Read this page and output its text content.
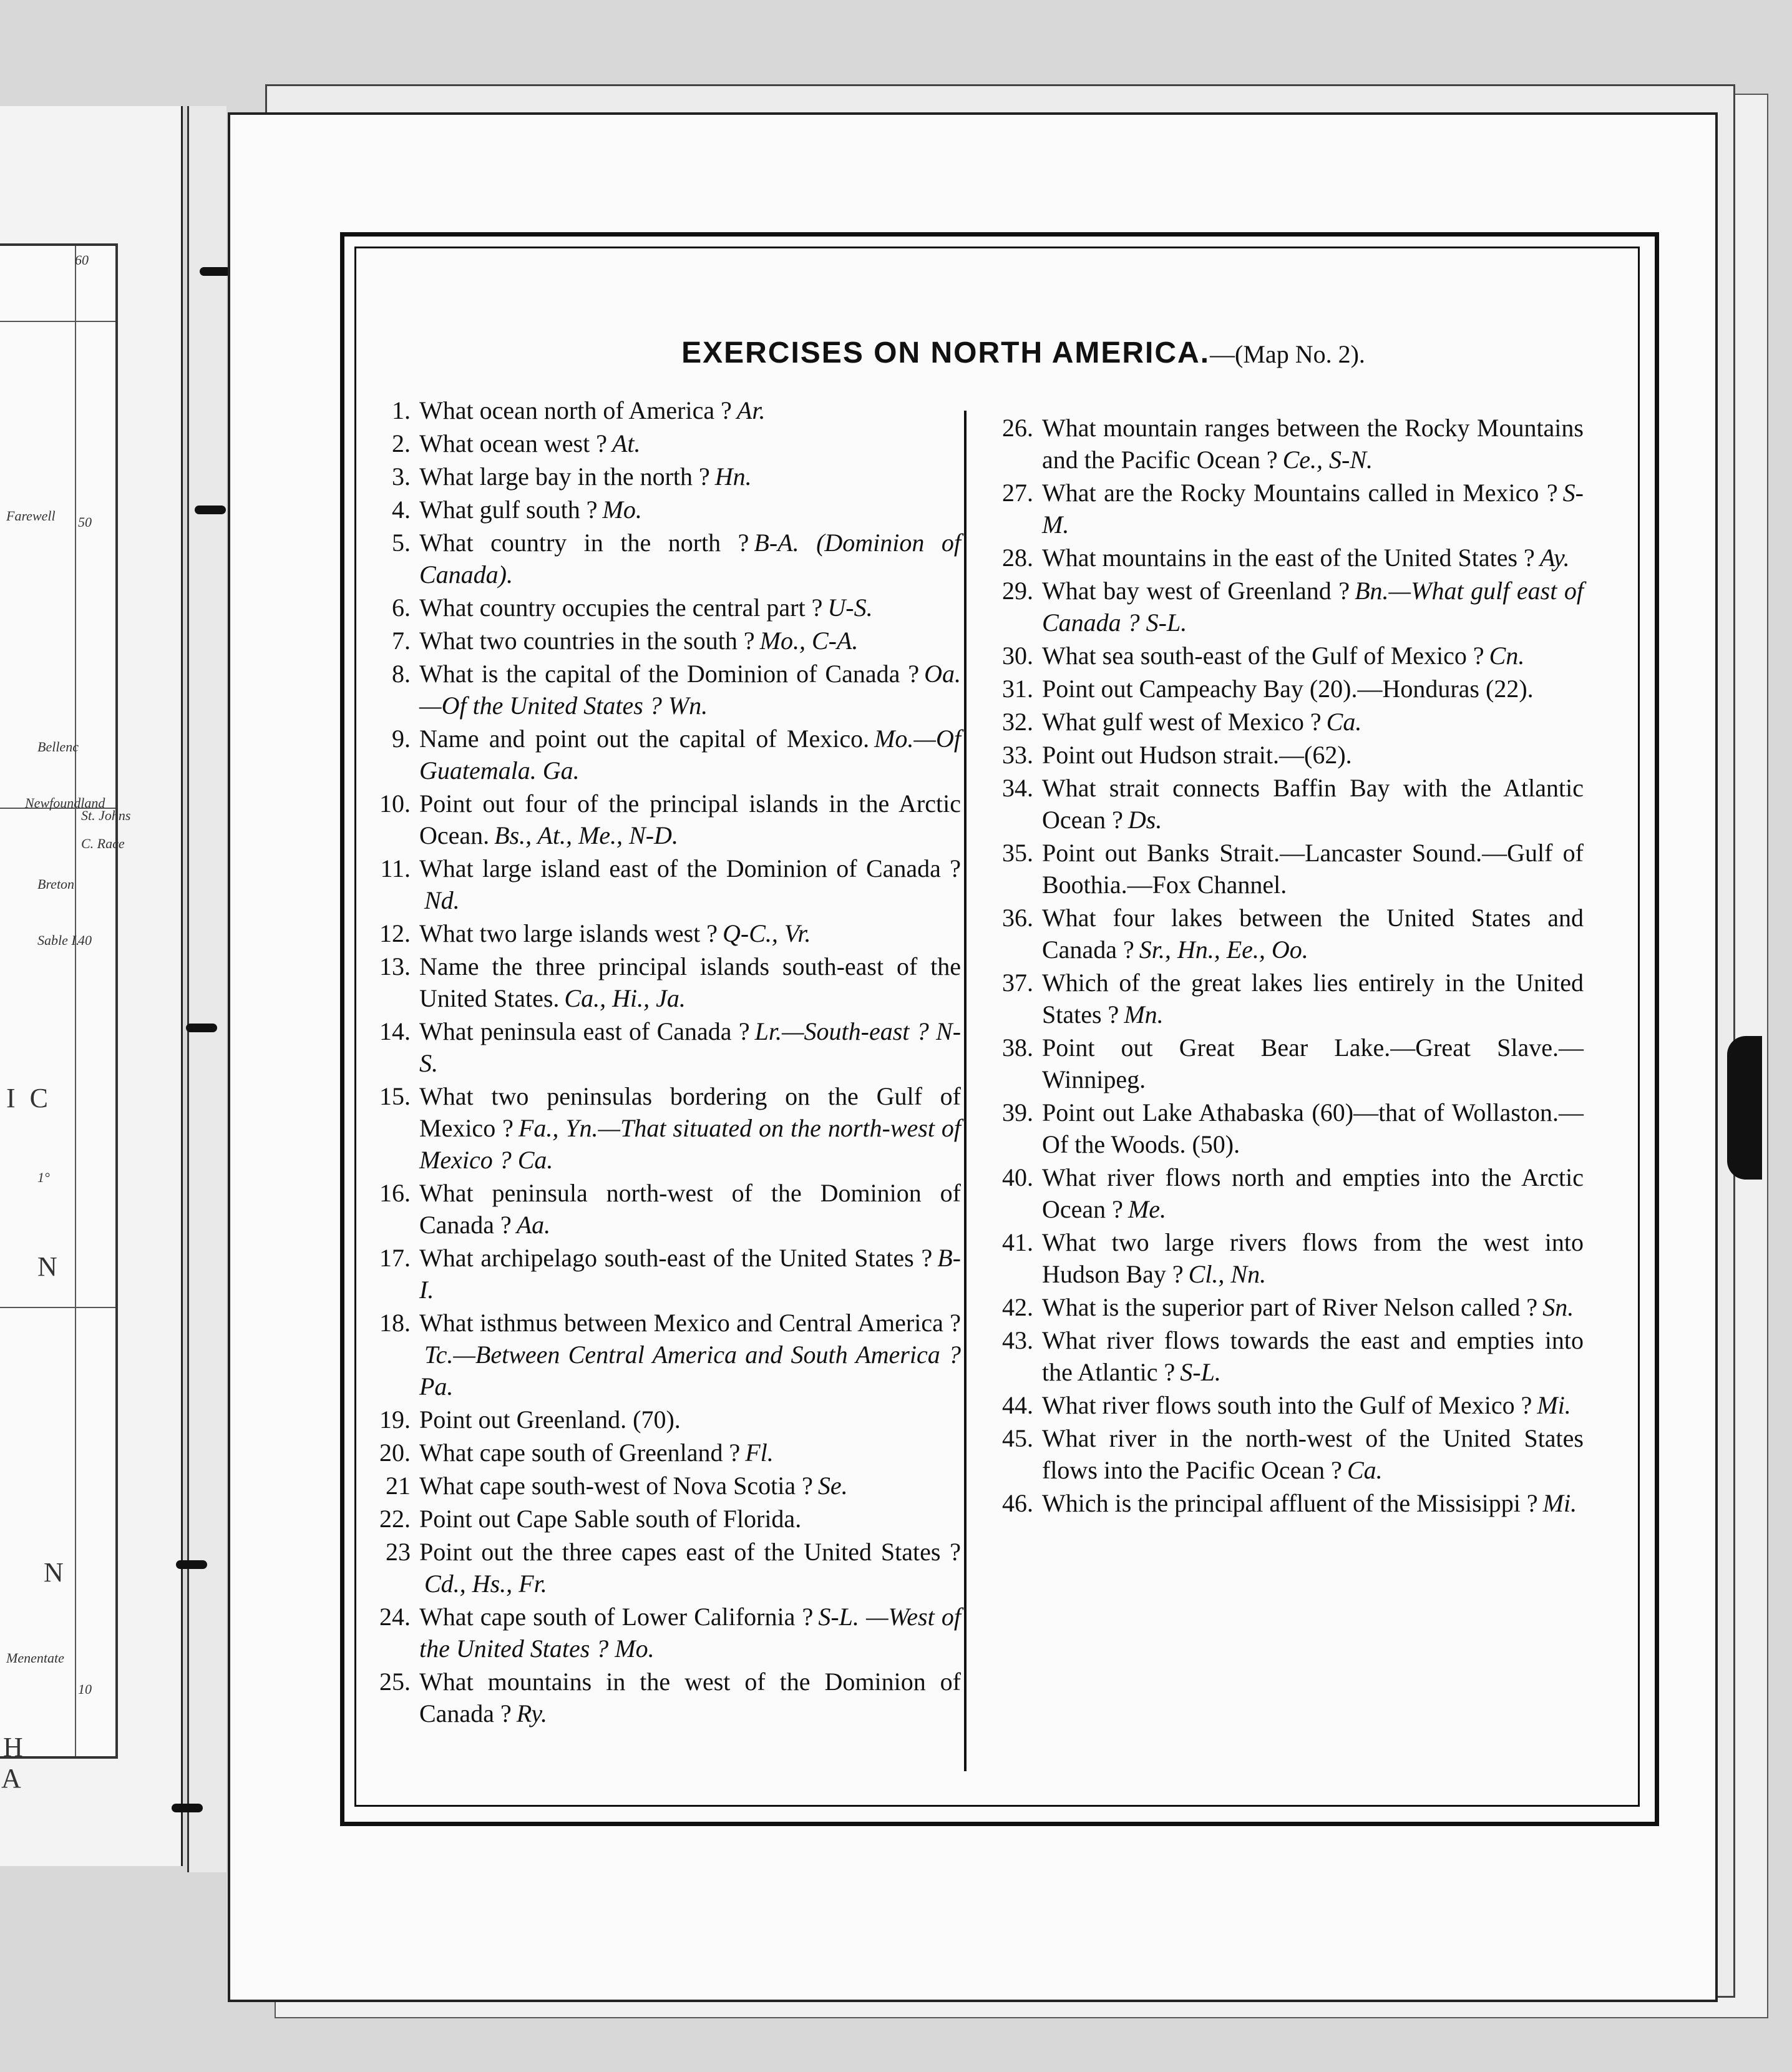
Farewell
Bellenc
Newfoundland
St. Johns
C. Race
Breton
Sable I.
Menentate
I C
N
H
A
N
60
50
40
10
1°
EXERCISES ON NORTH AMERICA.—(Map No. 2).
1. What ocean north of America ? Ar.
2. What ocean west ? At.
3. What large bay in the north ? Hn.
4. What gulf south ? Mo.
5. What country in the north ? B-A. (Dominion of Canada).
6. What country occupies the central part ? U-S.
7. What two countries in the south ? Mo., C-A.
8. What is the capital of the Dominion of Canada ? Oa.—Of the United States ? Wn.
9. Name and point out the capital of Mexico. Mo.—Of Guatemala. Ga.
10. Point out four of the principal islands in the Arctic Ocean. Bs., At., Me., N-D.
11. What large island east of the Dominion of Canada ?Nd.
12. What two large islands west ? Q-C., Vr.
13. Name the three principal islands south-east of the United States. Ca., Hi., Ja.
14. What peninsula east of Canada ? Lr.—South-east ? N-S.
15. What two peninsulas bordering on the Gulf of Mexico ? Fa., Yn.—That situated on the north-west of Mexico ? Ca.
16. What peninsula north-west of the Dominion of Canada ? Aa.
17. What archipelago south-east of the United States ? B-I.
18. What isthmus between Mexico and Central America ?Tc.—Between Central America and South America ? Pa.
19. Point out Greenland. (70).
20. What cape south of Greenland ? Fl.
21 What cape south-west of Nova Scotia ? Se.
22. Point out Cape Sable south of Florida.
23 Point out the three capes east of the United States ?Cd., Hs., Fr.
24. What cape south of Lower California ? S-L. —West of the United States ? Mo.
25. What mountains in the west of the Dominion of Canada ? Ry.
26. What mountain ranges between the Rocky Mountains and the Pacific Ocean ? Ce., S-N.
27. What are the Rocky Mountains called in Mexico ? S-M.
28. What mountains in the east of the United States ? Ay.
29. What bay west of Greenland ? Bn.—What gulf east of Canada ? S-L.
30. What sea south-east of the Gulf of Mexico ? Cn.
31. Point out Campeachy Bay (20).—Honduras (22).
32. What gulf west of Mexico ? Ca.
33. Point out Hudson strait.—(62).
34. What strait connects Baffin Bay with the Atlantic Ocean ? Ds.
35. Point out Banks Strait.—Lancaster Sound.—Gulf of Boothia.—Fox Channel.
36. What four lakes between the United States and Canada ? Sr., Hn., Ee., Oo.
37. Which of the great lakes lies entirely in the United States ? Mn.
38. Point out Great Bear Lake.—Great Slave.—Winnipeg.
39. Point out Lake Athabaska (60)—that of Wollaston.—Of the Woods. (50).
40. What river flows north and empties into the Arctic Ocean ? Me.
41. What two large rivers flows from the west into Hudson Bay ? Cl., Nn.
42. What is the superior part of River Nelson called ? Sn.
43. What river flows towards the east and empties into the Atlantic ? S-L.
44. What river flows south into the Gulf of Mexico ? Mi.
45. What river in the north-west of the United States flows into the Pacific Ocean ? Ca.
46. Which is the principal affluent of the Missisippi ? Mi.
